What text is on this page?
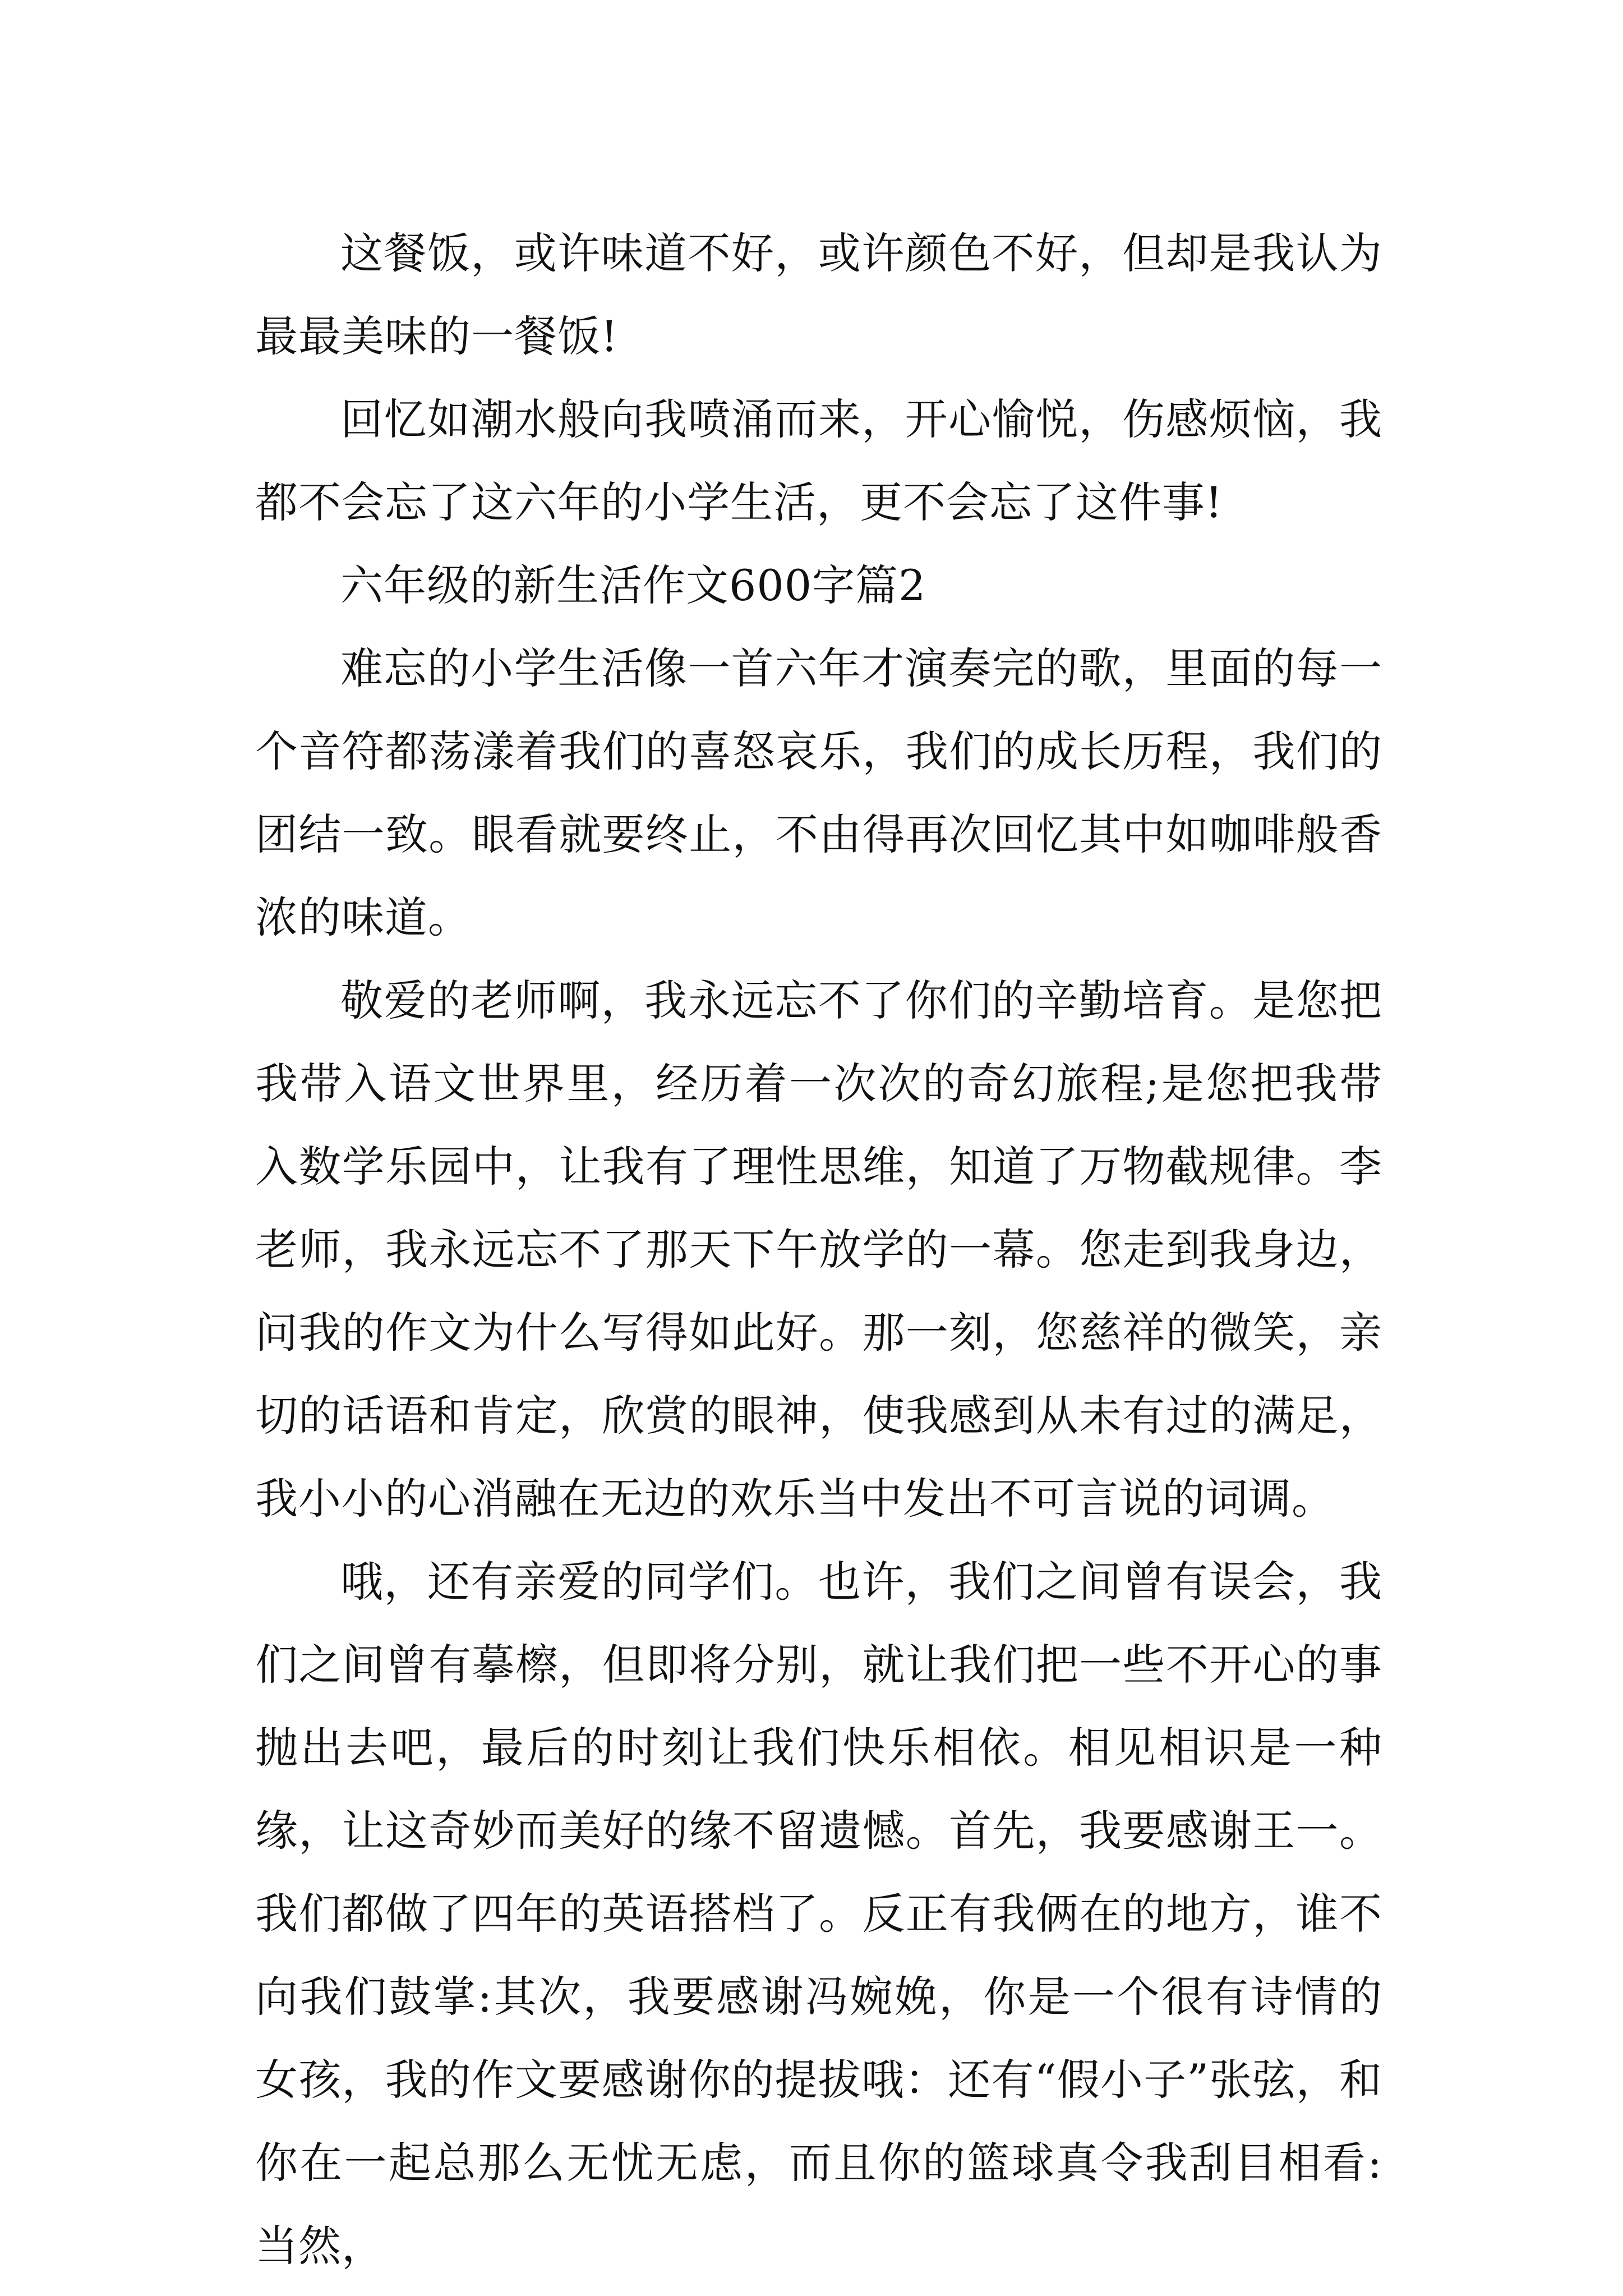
这餐饭，或许味道不好，或许颜色不好，但却是我认为最最美味的一餐饭!

回忆如潮水般向我喷涌而来，开心愉悦，伤感烦恼，我都不会忘了这六年的小学生活，更不会忘了这件事!

六年级的新生活作文600字篇2

难忘的小学生活像一首六年才演奏完的歌，里面的每一个音符都荡漾着我们的喜怒哀乐，我们的成长历程，我们的团结一致。眼看就要终止，不由得再次回忆其中如咖啡般香浓的味道。

敬爱的老师啊，我永远忘不了你们的辛勤培育。是您把我带入语文世界里，经历着一次次的奇幻旅程;是您把我带入数学乐园中，让我有了理性思维，知道了万物截规律。李老师，我永远忘不了那天下午放学的一幕。您走到我身边，问我的作文为什么写得如此好。那一刻，您慈祥的微笑，亲切的话语和肯定，欣赏的眼神，使我感到从未有过的满足，我小小的心消融在无边的欢乐当中发出不可言说的词调。

哦，还有亲爱的同学们。也许，我们之间曾有误会，我们之间曾有摹檫，但即将分别，就让我们把一些不开心的事抛出去吧，最后的时刻让我们快乐相依。相见相识是一种缘，让这奇妙而美好的缘不留遗憾。首先，我要感谢王一。我们都做了四年的英语搭档了。反正有我俩在的地方，谁不向我们鼓掌:其次，我要感谢冯婉娩，你是一个很有诗情的女孩，我的作文要感谢你的提拔哦：还有“假小子”张弦，和你在一起总那么无忧无虑，而且你的篮球真令我刮目相看:当然，
